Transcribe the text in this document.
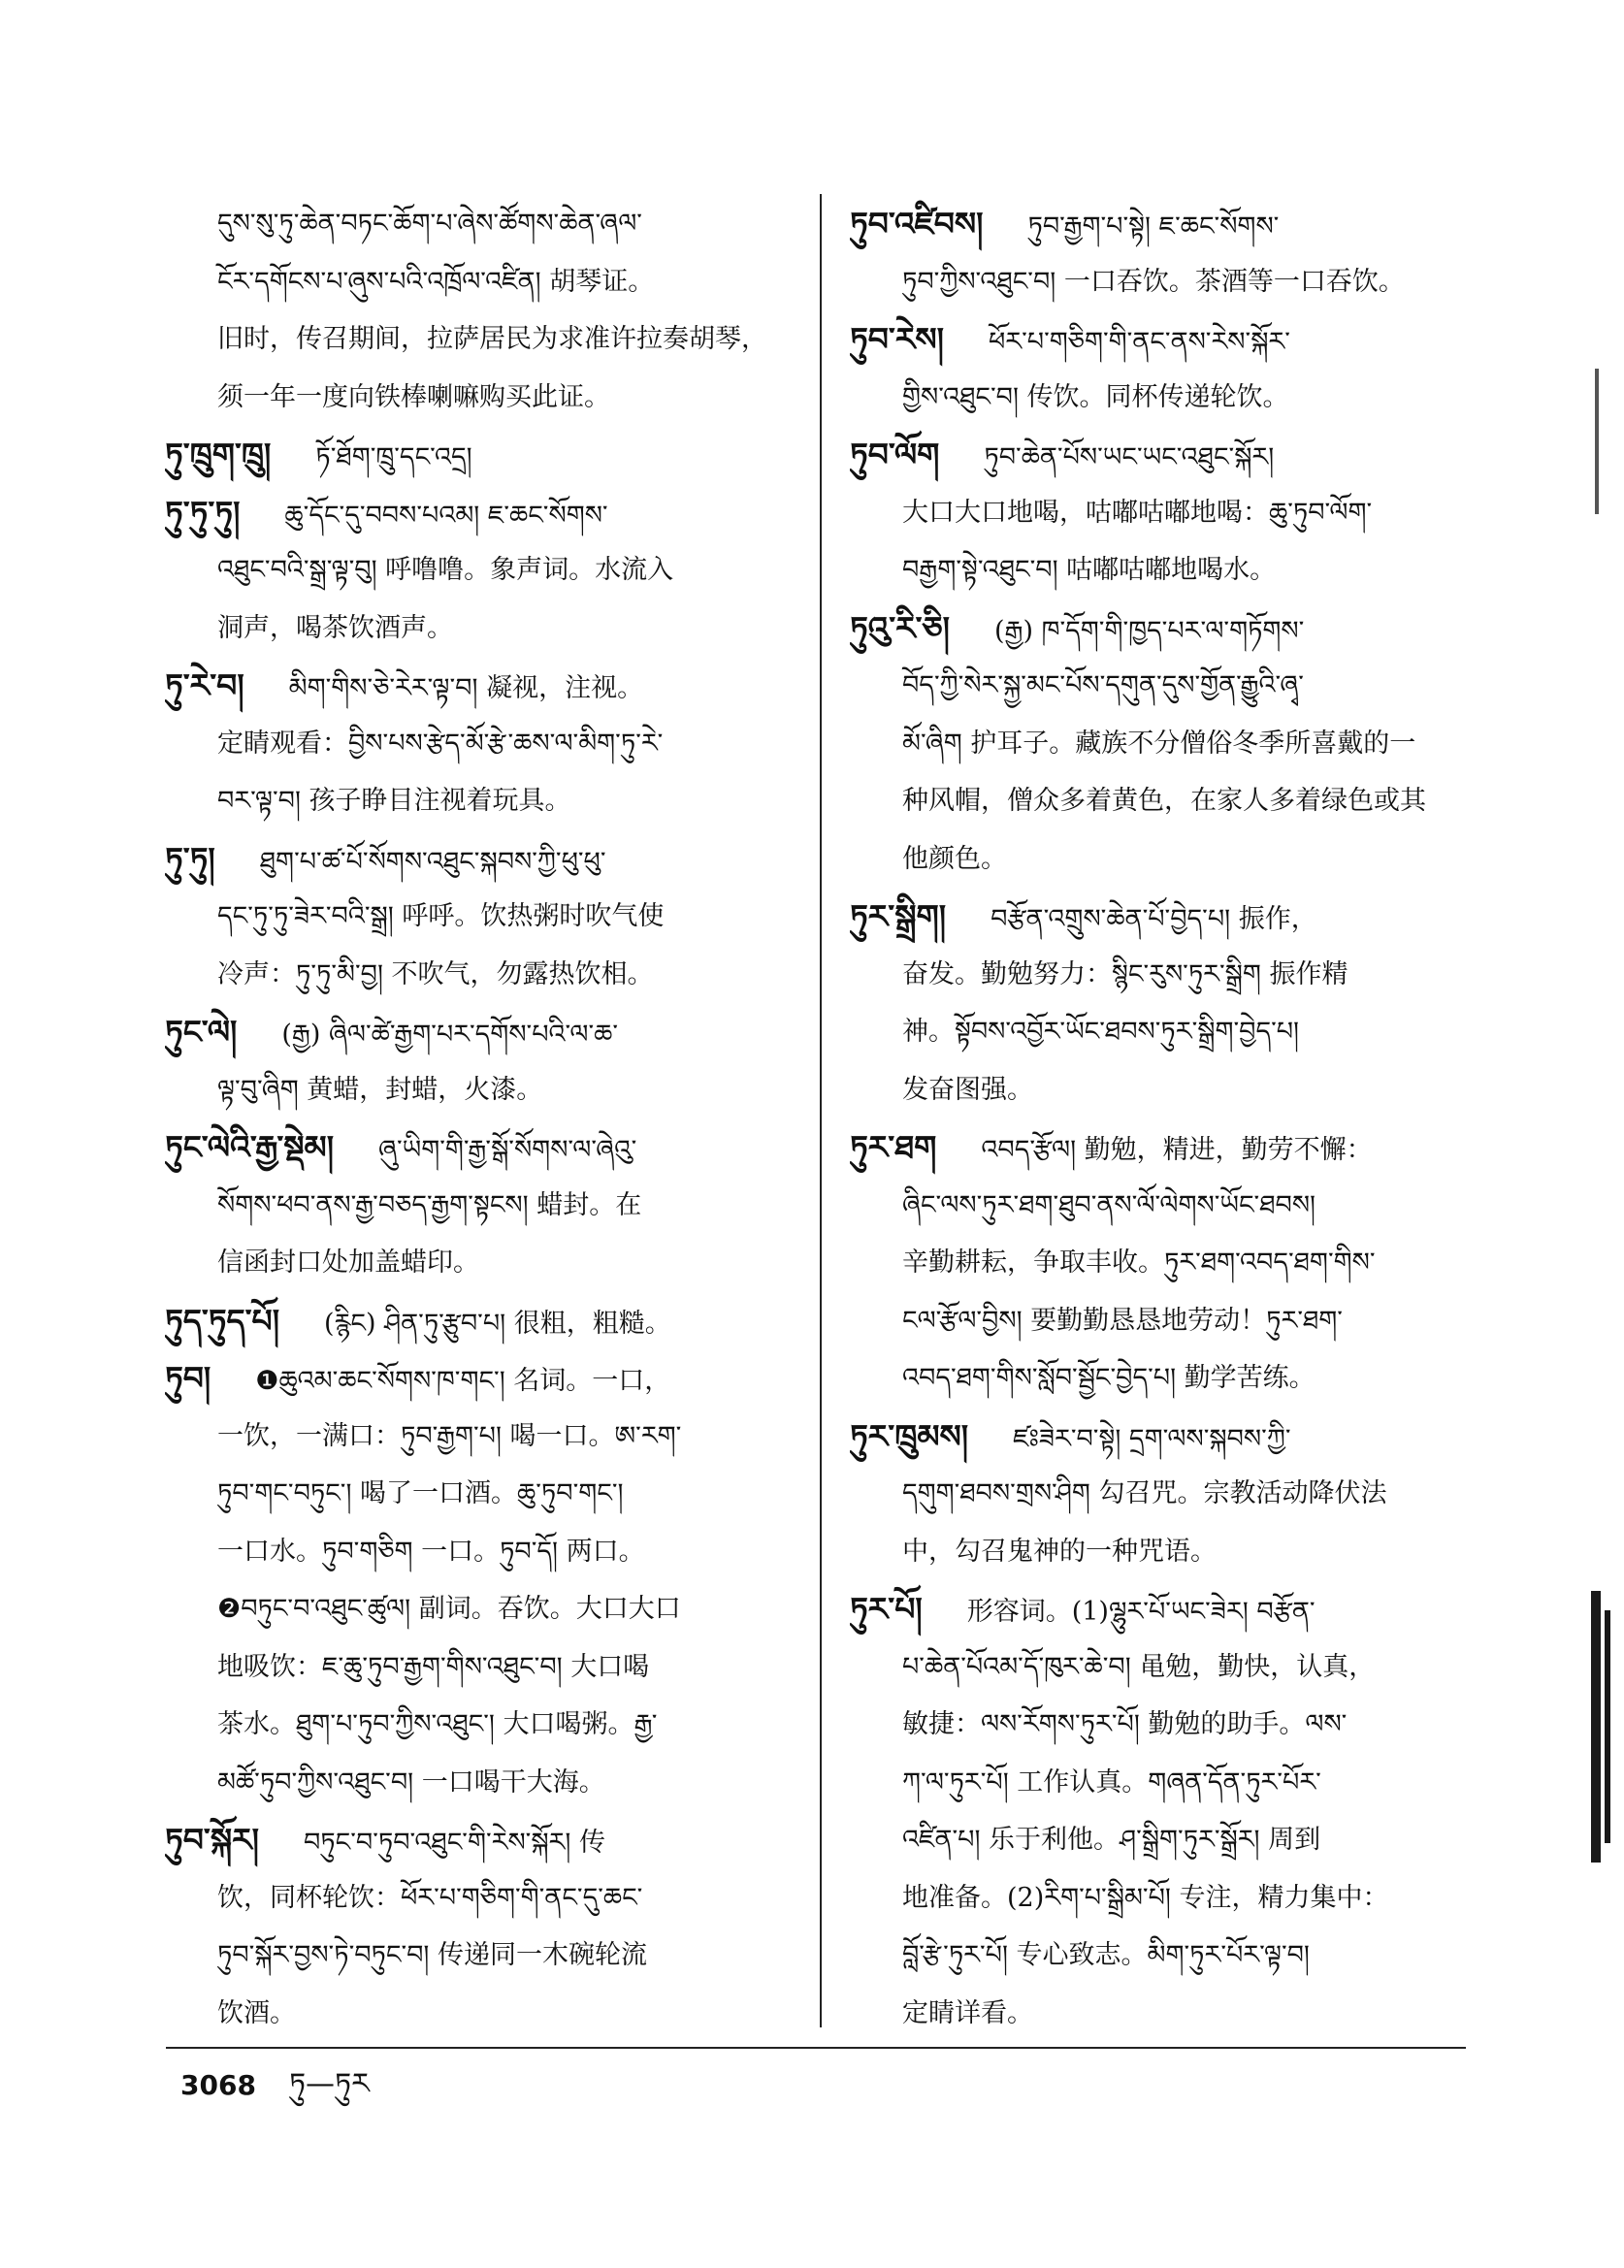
དུས་སུ་ཏུ་ཆེན་བཏང་ཆོག་པ་ཞེས་ཚོགས་ཆེན་ཞལ་
ངོར་དགོངས་པ་ཞུས་པའི་འཁྲོལ་འཛིན། 胡琴证。
旧时，传召期间，拉萨居民为求准许拉奏胡琴，
须一年一度向铁棒喇嘛购买此证。
ཏུ་ཁྲུག་ཁྲུ། ཏོ་ཐོག་ཁྲུ་དང་འདྲ།
ཏུ་ཏུ་ཏུ། ཆུ་དོང་དུ་བབས་པའམ། ཇ་ཆང་སོགས་
འཐུང་བའི་སྒྲ་ལྟ་བུ། 呼噜噜。象声词。水流入
洞声，喝茶饮酒声。
ཏུ་རེ་བ། མིག་གིས་ཅེ་རེར་ལྟ་བ། 凝视，注视。
定睛观看：བྱིས་པས་རྩེད་མོ་རྩེ་ཆས་ལ་མིག་ཏུ་རེ་
བར་ལྟ་བ། 孩子睁目注视着玩具。
ཏུ་ཏུ། ཐུག་པ་ཚ་པོ་སོགས་འཐུང་སྐབས་ཀྱི་ཕུ་ཕུ་
དང་ཏུ་ཏུ་ཟེར་བའི་སྒྲ། 呼呼。饮热粥时吹气使
冷声：ཏུ་ཏུ་མི་བྱ། 不吹气，勿露热饮相。
ཏུང་ལེ། (རྒྱ) ཞིལ་ཚེ་རྒྱག་པར་དགོས་པའི་ལ་ཆ་
ལྟ་བུ་ཞིག 黄蜡，封蜡，火漆。
ཏུང་ལེའི་རྒྱ་སྡེམ། ཞུ་ཡིག་གི་རྒྱ་སྒོ་སོགས་ལ་ཞེའུ་
སོགས་ཕབ་ནས་རྒྱ་བཅད་རྒྱག་སྟངས། 蜡封。在
信函封口处加盖蜡印。
ཏུད་ཏུད་པོ། (རྙིང) ཤིན་ཏུ་རྩུབ་པ། 很粗，粗糙。
ཏུབ། ❶ཆུའམ་ཆང་སོགས་ཁ་གང་། 名词。一口，
一饮，一满口：ཏུབ་རྒྱག་པ། 喝一口。ཨ་རག་
ཏུབ་གང་བཏུང་། 喝了一口酒。ཆུ་ཏུབ་གང་།
一口水。ཏུབ་གཅིག 一口。ཏུབ་དོ། 两口。
❷བཏུང་བ་འཐུང་ཚུལ། 副词。吞饮。大口大口
地吸饮：ཇ་ཆུ་ཏུབ་རྒྱག་གིས་འཐུང་བ། 大口喝
茶水。ཐུག་པ་ཏུབ་ཀྱིས་འཐུང་། 大口喝粥。རྒྱ་
མཚོ་ཏུབ་ཀྱིས་འཐུང་བ། 一口喝干大海。
ཏུབ་སྐོར། བཏུང་བ་ཏུབ་འཐུང་གི་རེས་སྐོར། 传
饮，同杯轮饮：ཕོར་པ་གཅིག་གི་ནང་དུ་ཆང་
ཏུབ་སྐོར་བྱས་ཏེ་བཏུང་བ། 传递同一木碗轮流
饮酒。
ཏུབ་འཛིབས། ཏུབ་རྒྱག་པ་སྟེ། ཇ་ཆང་སོགས་
ཏུབ་ཀྱིས་འཐུང་བ། 一口吞饮。茶酒等一口吞饮。
ཏུབ་རེས། ཕོར་པ་གཅིག་གི་ནང་ནས་རེས་སྐོར་
གྱིས་འཐུང་བ། 传饮。同杯传递轮饮。
ཏུབ་ལོག ཏུབ་ཆེན་པོས་ཡང་ཡང་འཐུང་སྐོར།
大口大口地喝，咕嘟咕嘟地喝：ཆུ་ཏུབ་ལོག་
བརྒྱག་སྟེ་འཐུང་བ། 咕嘟咕嘟地喝水。
ཏུའུ་རི་ཅི། (རྒྱ) ཁ་དོག་གི་ཁྱད་པར་ལ་གཏོགས་
བོད་ཀྱི་སེར་སྐྱ་མང་པོས་དགུན་དུས་གྱོན་རྒྱུའི་ཞྭ་
མོ་ཞིག 护耳子。藏族不分僧俗冬季所喜戴的一
种风帽，僧众多着黄色，在家人多着绿色或其
他颜色。
ཏུར་སྒྲིག། བརྩོན་འགྲུས་ཆེན་པོ་བྱེད་པ། 振作，
奋发。勤勉努力：སྙིང་རུས་ཏུར་སྒྲིག 振作精
神。སྟོབས་འབྱོར་ཡོང་ཐབས་ཏུར་སྒྲིག་བྱེད་པ།
发奋图强。
ཏུར་ཐག འབད་རྩོལ། 勤勉，精进，勤劳不懈：
ཞིང་ལས་ཏུར་ཐག་ཐུབ་ནས་ལོ་ལེགས་ཡོང་ཐབས།
辛勤耕耘，争取丰收。ཏུར་ཐག་འབད་ཐག་གིས་
ངལ་རྩོལ་བྱིས། 要勤勤恳恳地劳动！ཏུར་ཐག་
འབད་ཐག་གིས་སློབ་སྦྱོང་བྱེད་པ། 勤学苦练。
ཏུར་ཁྲུམས། ཛཿཟེར་བ་སྟེ། དྲག་ལས་སྐབས་ཀྱི་
དགུག་ཐབས་གྲས་ཤིག 勾召咒。宗教活动降伏法
中，勾召鬼神的一种咒语。
ཏུར་པོ། 形容词。(1)ལྷུར་པོ་ཡང་ཟེར། བརྩོན་
པ་ཆེན་པོའམ་དོ་ཁུར་ཆེ་བ། 黾勉，勤快，认真，
敏捷：ལས་རོགས་ཏུར་པོ། 勤勉的助手。ལས་
ཀ་ལ་ཏུར་པོ། 工作认真。གཞན་དོན་ཏུར་པོར་
འཛིན་པ། 乐于利他。ཤ་སྒྲིག་ཏུར་སྒྲོར། 周到
地准备。(2)རིག་པ་སྒྲིམ་པོ། 专注，精力集中：
བློ་རྩེ་ཏུར་པོ། 专心致志。མིག་ཏུར་པོར་ལྟ་བ།
定睛详看。
3068 ཏུ—ཏུར
